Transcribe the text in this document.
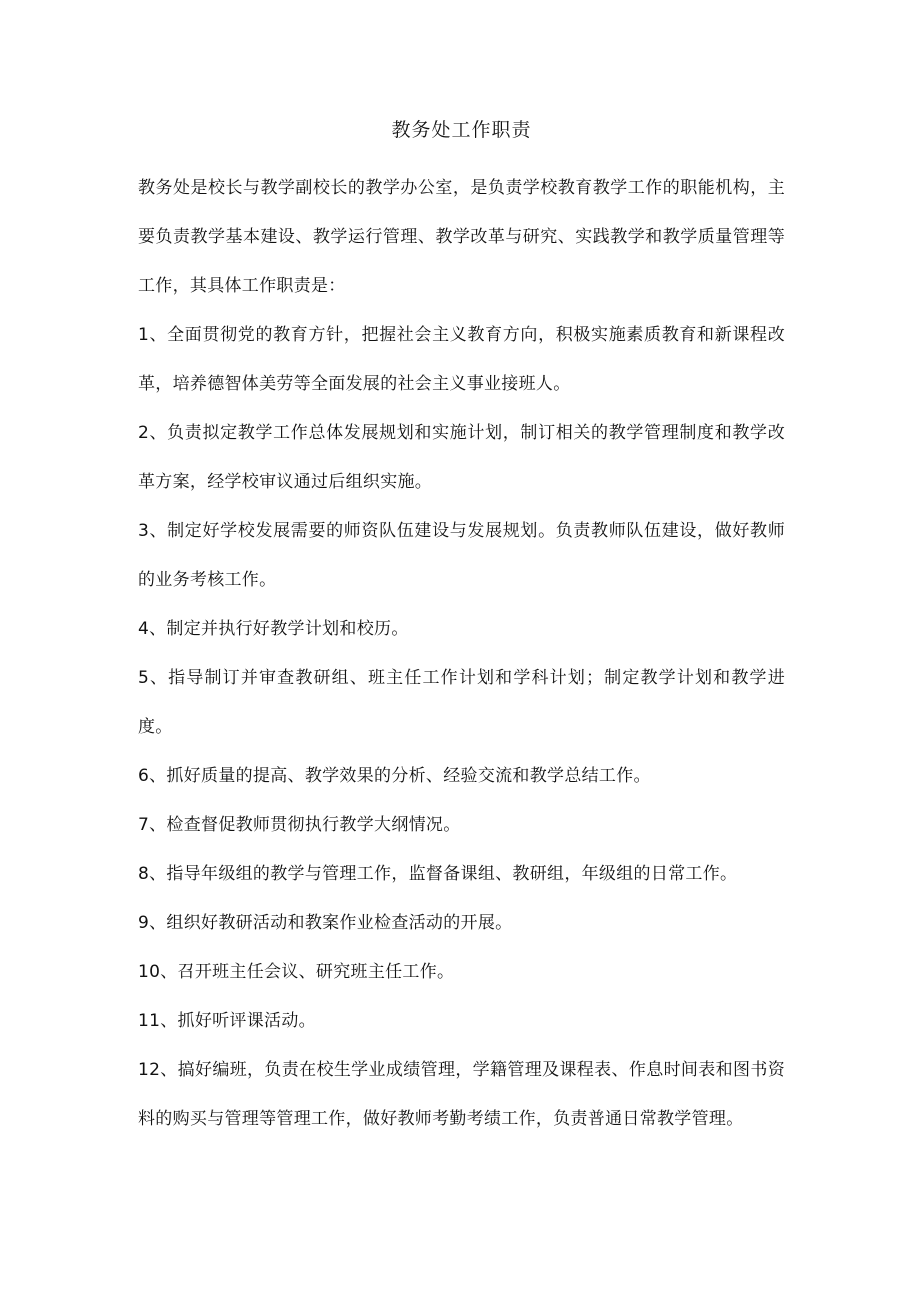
教务处工作职责

教务处是校长与教学副校长的教学办公室，是负责学校教育教学工作的职能机构，主要负责教学基本建设、教学运行管理、教学改革与研究、实践教学和教学质量管理等工作，其具体工作职责是：

1、全面贯彻党的教育方针，把握社会主义教育方向，积极实施素质教育和新课程改革，培养德智体美劳等全面发展的社会主义事业接班人。

2、负责拟定教学工作总体发展规划和实施计划，制订相关的教学管理制度和教学改革方案，经学校审议通过后组织实施。

3、制定好学校发展需要的师资队伍建设与发展规划。负责教师队伍建设，做好教师的业务考核工作。

4、制定并执行好教学计划和校历。

5、指导制订并审查教研组、班主任工作计划和学科计划；制定教学计划和教学进度。

6、抓好质量的提高、教学效果的分析、经验交流和教学总结工作。

7、检查督促教师贯彻执行教学大纲情况。

8、指导年级组的教学与管理工作，监督备课组、教研组，年级组的日常工作。

9、组织好教研活动和教案作业检查活动的开展。

10、召开班主任会议、研究班主任工作。

11、抓好听评课活动。

12、搞好编班，负责在校生学业成绩管理，学籍管理及课程表、作息时间表和图书资料的购买与管理等管理工作，做好教师考勤考绩工作，负责普通日常教学管理。
